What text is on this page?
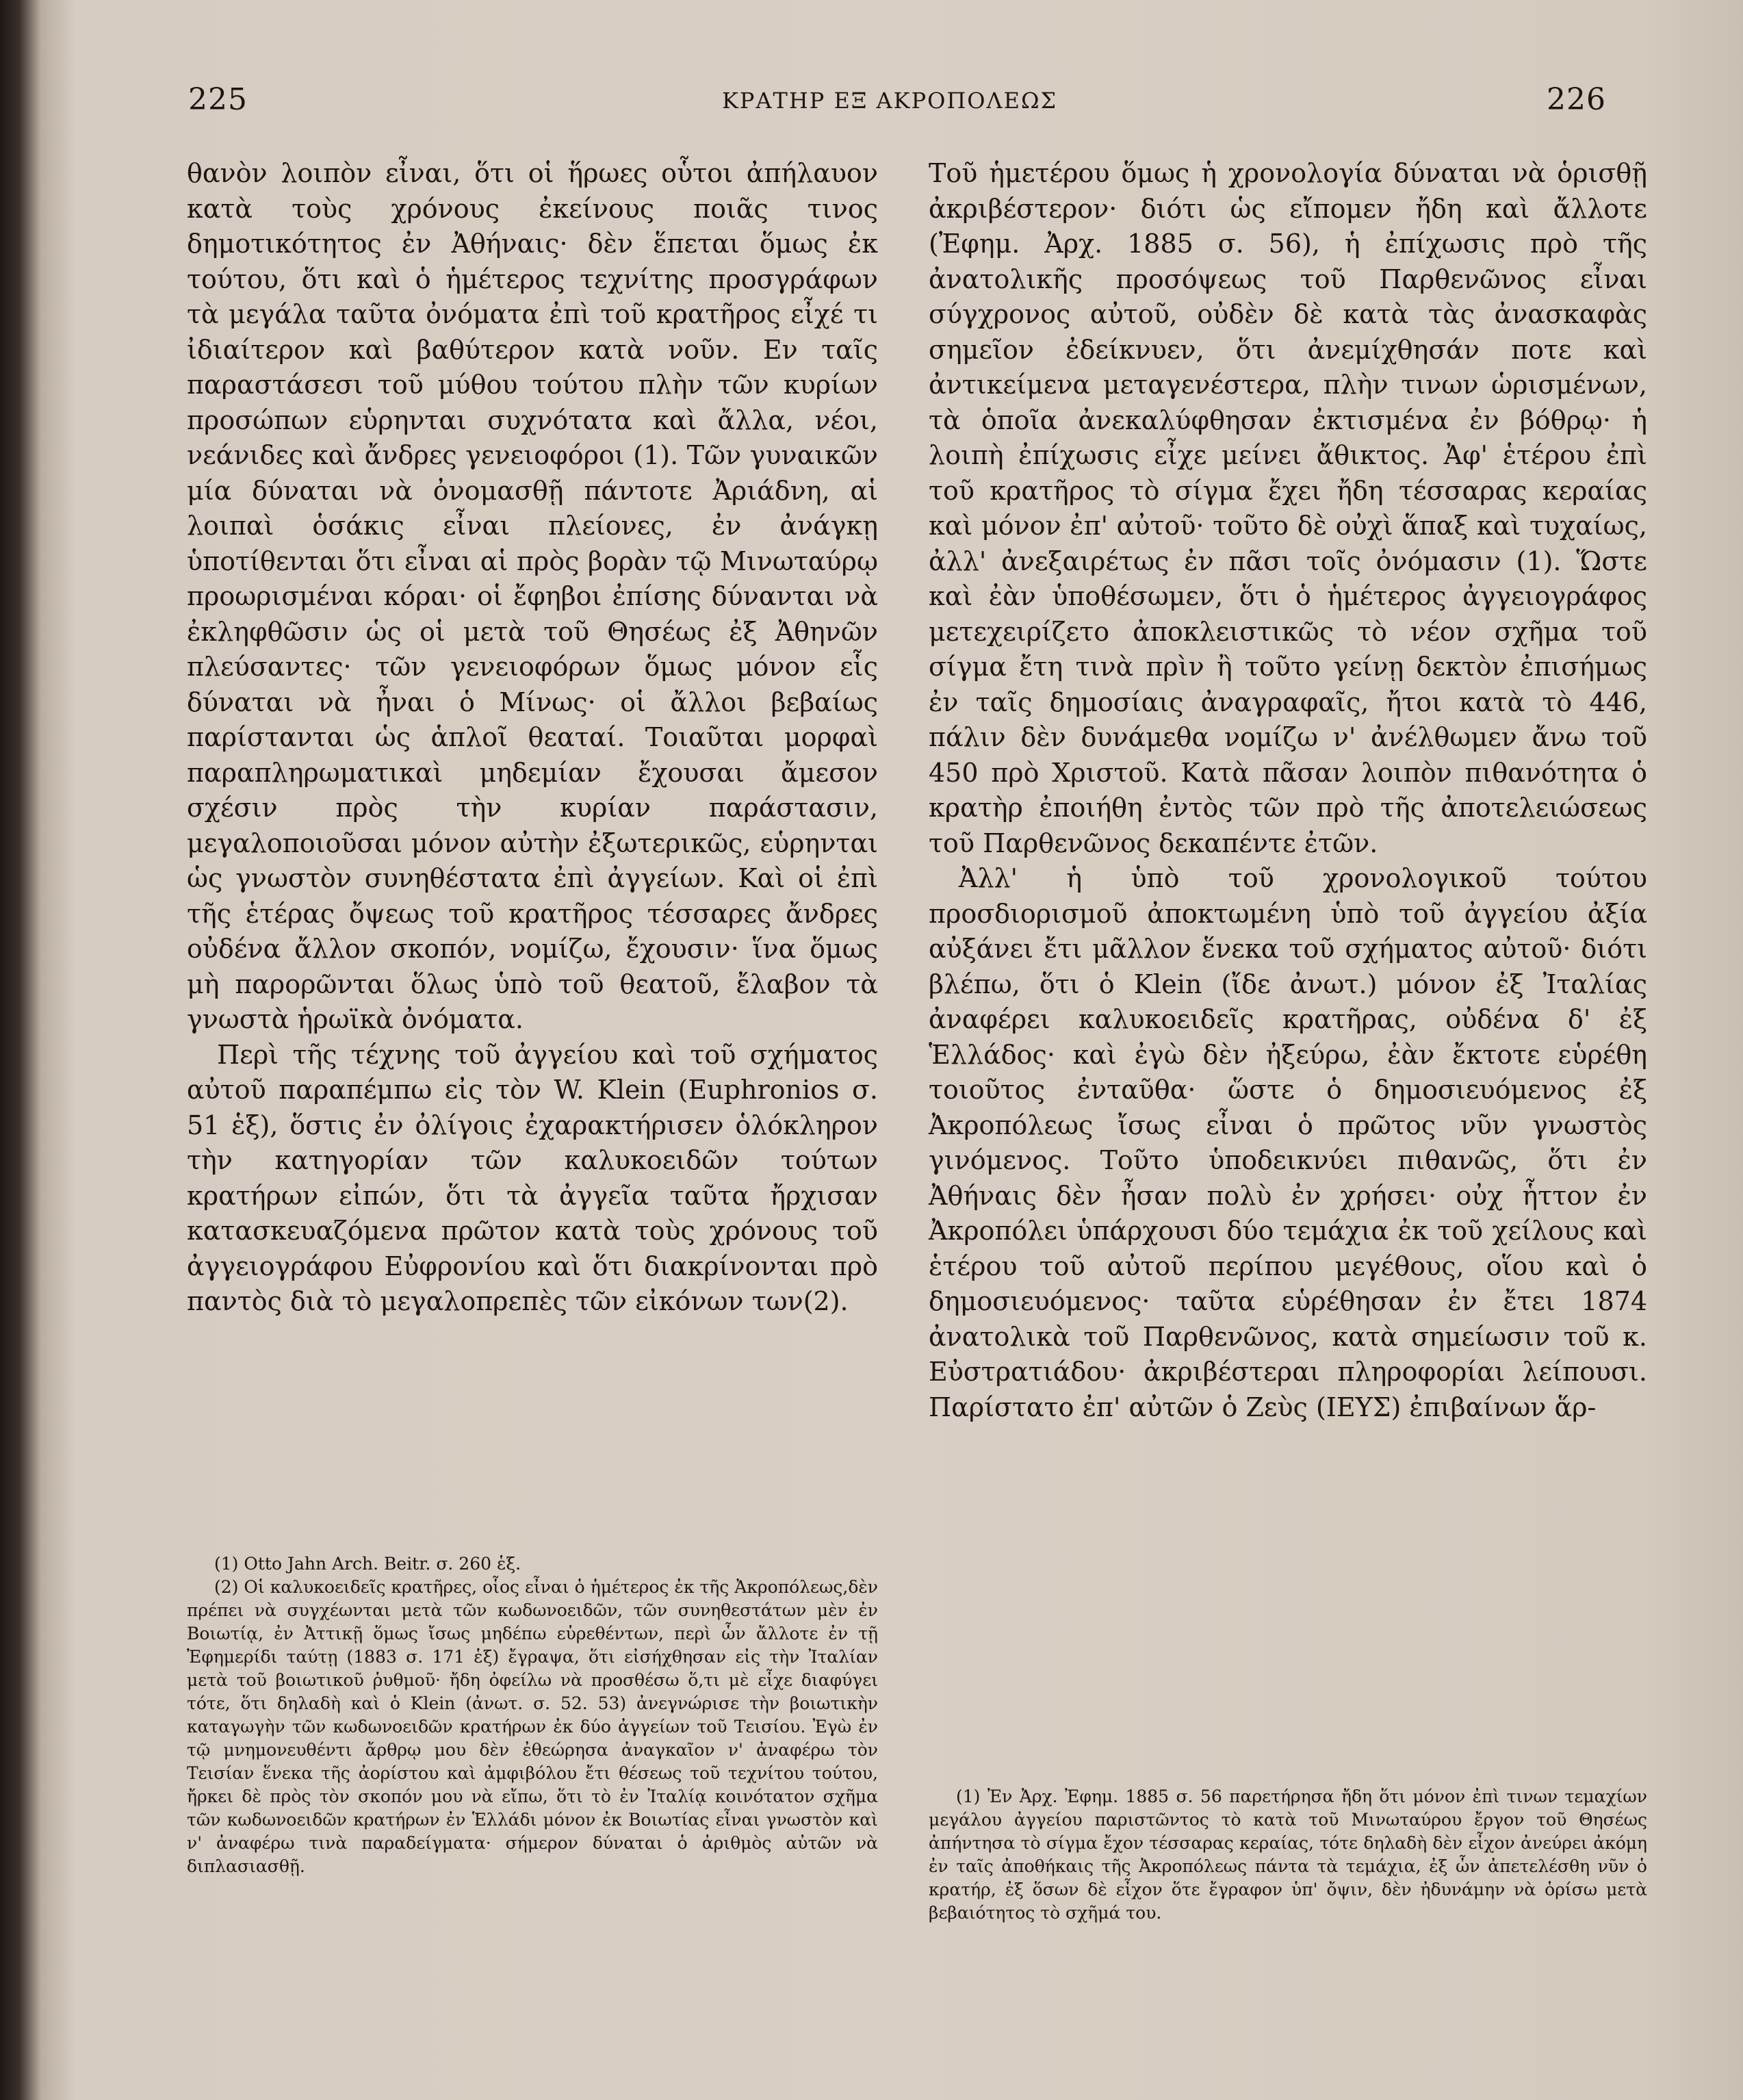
225	ΚΡΑΤΗΡ ΕΞ ΑΚΡΟΠΟΛΕΩΣ	226

θανὸν λοιπὸν εἶναι, ὅτι οἱ ἥρωες οὗτοι ἀπήλαυον κατὰ τοὺς χρόνους ἐκείνους ποιᾶς τινος δημοτικότητος ἐν Ἀθήναις· δὲν ἕπεται ὅμως ἐκ τούτου, ὅτι καὶ ὁ ἡμέτερος τεχνίτης προσγράφων τὰ μεγάλα ταῦτα ὀνόματα ἐπὶ τοῦ κρατῆρος εἶχέ τι ἰδιαίτερον καὶ βαθύτερον κατὰ νοῦν. Εν ταῖς παραστάσεσι τοῦ μύθου τούτου πλὴν τῶν κυρίων προσώπων εὑρηνται συχνότατα καὶ ἄλλα, νέοι, νεάνιδες καὶ ἄνδρες γενειοφόροι (1). Τῶν γυναικῶν μία δύναται νὰ ὀνομασθῇ πάντοτε Ἀριάδνη, αἱ λοιπαὶ ὁσάκις εἶναι πλείονες, ἐν ἀνάγκῃ ὑποτίθενται ὅτι εἶναι αἱ πρὸς βορὰν τῷ Μινωταύρῳ προωρισμέναι κόραι· οἱ ἔφηβοι ἐπίσης δύνανται νὰ ἐκληφθῶσιν ὡς οἱ μετὰ τοῦ Θησέως ἐξ Ἀθηνῶν πλεύσαντες· τῶν γενειοφόρων ὅμως μόνον εἷς δύναται νὰ ἦναι ὁ Μίνως· οἱ ἄλλοι βεβαίως παρίστανται ὡς ἁπλοῖ θεαταί. Τοιαῦται μορφαὶ παραπληρωματικαὶ μηδεμίαν ἔχουσαι ἄμεσον σχέσιν πρὸς τὴν κυρίαν παράστασιν, μεγαλοποιοῦσαι μόνον αὐτὴν ἐξωτερικῶς, εὑρηνται ὡς γνωστὸν συνηθέστατα ἐπὶ ἀγγείων. Καὶ οἱ ἐπὶ τῆς ἑτέρας ὄψεως τοῦ κρατῆρος τέσσαρες ἄνδρες οὐδένα ἄλλον σκοπόν, νομίζω, ἔχουσιν· ἵνα ὅμως μὴ παρορῶνται ὅλως ὑπὸ τοῦ θεατοῦ, ἔλαβον τὰ γνωστὰ ἡρωϊκὰ ὀνόματα.

Περὶ τῆς τέχνης τοῦ ἀγγείου καὶ τοῦ σχήματος αὐτοῦ παραπέμπω εἰς τὸν W. Klein (Euphronios σ. 51 ἑξ), ὅστις ἐν ὀλίγοις ἐχαρακτήρισεν ὁλόκληρον τὴν κατηγορίαν τῶν καλυκοειδῶν τούτων κρατήρων εἰπών, ὅτι τὰ ἀγγεῖα ταῦτα ἤρχισαν κατασκευαζόμενα πρῶτον κατὰ τοὺς χρόνους τοῦ ἀγγειογράφου Εὐφρονίου καὶ ὅτι διακρίνονται πρὸ παντὸς διὰ τὸ μεγαλοπρεπὲς τῶν εἰκόνων των(2).

(1) Otto Jahn Arch. Beitr. σ. 260 ἑξ.

(2) Οἱ καλυκοειδεῖς κρατῆρες, οἷος εἶναι ὁ ἡμέτερος ἐκ τῆς Ἀκροπόλεως,δὲν πρέπει νὰ συγχέωνται μετὰ τῶν κωδωνοειδῶν, τῶν συνηθεστάτων μὲν ἐν Βοιωτίᾳ, ἐν Ἀττικῇ ὅμως ἴσως μηδέπω εὑρεθέντων, περὶ ὧν ἄλλοτε ἐν τῇ Ἐφημερίδι ταύτῃ (1883 σ. 171 ἑξ) ἔγραψα, ὅτι εἰσήχθησαν εἰς τὴν Ἰταλίαν μετὰ τοῦ βοιωτικοῦ ῥυθμοῦ· ἤδη ὀφείλω νὰ προσθέσω ὅ,τι μὲ εἶχε διαφύγει τότε, ὅτι δηλαδὴ καὶ ὁ Klein (ἀνωτ. σ. 52. 53) ἀνεγνώρισε τὴν βοιωτικὴν καταγωγὴν τῶν κωδωνοειδῶν κρατήρων ἐκ δύο ἀγγείων τοῦ Τεισίου. Ἐγὼ ἐν τῷ μνημονευθέντι ἄρθρῳ μου δὲν ἐθεώρησα ἀναγκαῖον ν' ἀναφέρω τὸν Τεισίαν ἕνεκα τῆς ἀορίστου καὶ ἀμφιβόλου ἔτι θέσεως τοῦ τεχνίτου τούτου, ἤρκει δὲ πρὸς τὸν σκοπόν μου νὰ εἴπω, ὅτι τὸ ἐν Ἰταλίᾳ κοινότατον σχῆμα τῶν κωδωνοειδῶν κρατήρων ἐν Ἑλλάδι μόνον ἐκ Βοιωτίας εἶναι γνωστὸν καὶ ν' ἀναφέρω τινὰ παραδείγματα· σήμερον δύναται ὁ ἀριθμὸς αὐτῶν νὰ διπλασιασθῇ.

Τοῦ ἡμετέρου ὅμως ἡ χρονολογία δύναται νὰ ὁρισθῇ ἀκριβέστερον· διότι ὡς εἴπομεν ἤδη καὶ ἄλλοτε (Ἐφημ. Ἀρχ. 1885 σ. 56), ἡ ἐπίχωσις πρὸ τῆς ἀνατολικῆς προσόψεως τοῦ Παρθενῶνος εἶναι σύγχρονος αὐτοῦ, οὐδὲν δὲ κατὰ τὰς ἀνασκαφὰς σημεῖον ἐδείκνυεν, ὅτι ἀνεμίχθησάν ποτε καὶ ἀντικείμενα μεταγενέστερα, πλὴν τινων ὡρισμένων, τὰ ὁποῖα ἀνεκαλύφθησαν ἐκτισμένα ἐν βόθρῳ· ἡ λοιπὴ ἐπίχωσις εἶχε μείνει ἄθικτος. Ἀφ' ἑτέρου ἐπὶ τοῦ κρατῆρος τὸ σίγμα ἔχει ἤδη τέσσαρας κεραίας καὶ μόνον ἐπ' αὐτοῦ· τοῦτο δὲ οὐχὶ ἅπαξ καὶ τυχαίως, ἀλλ' ἀνεξαιρέτως ἐν πᾶσι τοῖς ὀνόμασιν (1). Ὥστε καὶ ἐὰν ὑποθέσωμεν, ὅτι ὁ ἡμέτερος ἀγγειογράφος μετεχειρίζετο ἀποκλειστικῶς τὸ νέον σχῆμα τοῦ σίγμα ἔτη τινὰ πρὶν ἢ τοῦτο γείνῃ δεκτὸν ἐπισήμως ἐν ταῖς δημοσίαις ἀναγραφαῖς, ἤτοι κατὰ τὸ 446, πάλιν δὲν δυνάμεθα νομίζω ν' ἀνέλθωμεν ἄνω τοῦ 450 πρὸ Χριστοῦ. Κατὰ πᾶσαν λοιπὸν πιθανότητα ὁ κρατὴρ ἐποιήθη ἐντὸς τῶν πρὸ τῆς ἀποτελειώσεως τοῦ Παρθενῶνος δεκαπέντε ἐτῶν.

Ἀλλ' ἡ ὑπὸ τοῦ χρονολογικοῦ τούτου προσδιορισμοῦ ἀποκτωμένη ὑπὸ τοῦ ἀγγείου ἀξία αὐξάνει ἔτι μᾶλλον ἕνεκα τοῦ σχήματος αὐτοῦ· διότι βλέπω, ὅτι ὁ Klein (ἴδε ἀνωτ.) μόνον ἐξ Ἰταλίας ἀναφέρει καλυκοειδεῖς κρατῆρας, οὐδένα δ' ἐξ Ἑλλάδος· καὶ ἐγὼ δὲν ἠξεύρω, ἐὰν ἔκτοτε εὑρέθη τοιοῦτος ἐνταῦθα· ὥστε ὁ δημοσιευόμενος ἐξ Ἀκροπόλεως ἴσως εἶναι ὁ πρῶτος νῦν γνωστὸς γινόμενος. Τοῦτο ὑποδεικνύει πιθανῶς, ὅτι ἐν Ἀθήναις δὲν ἦσαν πολὺ ἐν χρήσει· οὐχ ἧττον ἐν Ἀκροπόλει ὑπάρχουσι δύο τεμάχια ἐκ τοῦ χείλους καὶ ἑτέρου τοῦ αὐτοῦ περίπου μεγέθους, οἵου καὶ ὁ δημοσιευόμενος· ταῦτα εὑρέθησαν ἐν ἔτει 1874 ἀνατολικὰ τοῦ Παρθενῶνος, κατὰ σημείωσιν τοῦ κ. Εὐστρατιάδου· ἀκριβέστεραι πληροφορίαι λείπουσι. Παρίστατο ἐπ' αὐτῶν ὁ Ζεὺς (ΙΕΥΣ) ἐπιβαίνων ἅρ-

(1) Ἐν Ἀρχ. Ἐφημ. 1885 σ. 56 παρετήρησα ἤδη ὅτι μόνον ἐπὶ τινων τεμαχίων μεγάλου ἀγγείου παριστῶντος τὸ κατὰ τοῦ Μινωταύρου ἔργον τοῦ Θησέως ἀπήντησα τὸ σίγμα ἔχον τέσσαρας κεραίας, τότε δηλαδὴ δὲν εἶχον ἀνεύρει ἀκόμη ἐν ταῖς ἀποθήκαις τῆς Ἀκροπόλεως πάντα τὰ τεμάχια, ἐξ ὧν ἀπετελέσθη νῦν ὁ κρατήρ, ἐξ ὅσων δὲ εἶχον ὅτε ἔγραφον ὑπ' ὄψιν, δὲν ἠδυνάμην νὰ ὁρίσω μετὰ βεβαιότητος τὸ σχῆμά του.
